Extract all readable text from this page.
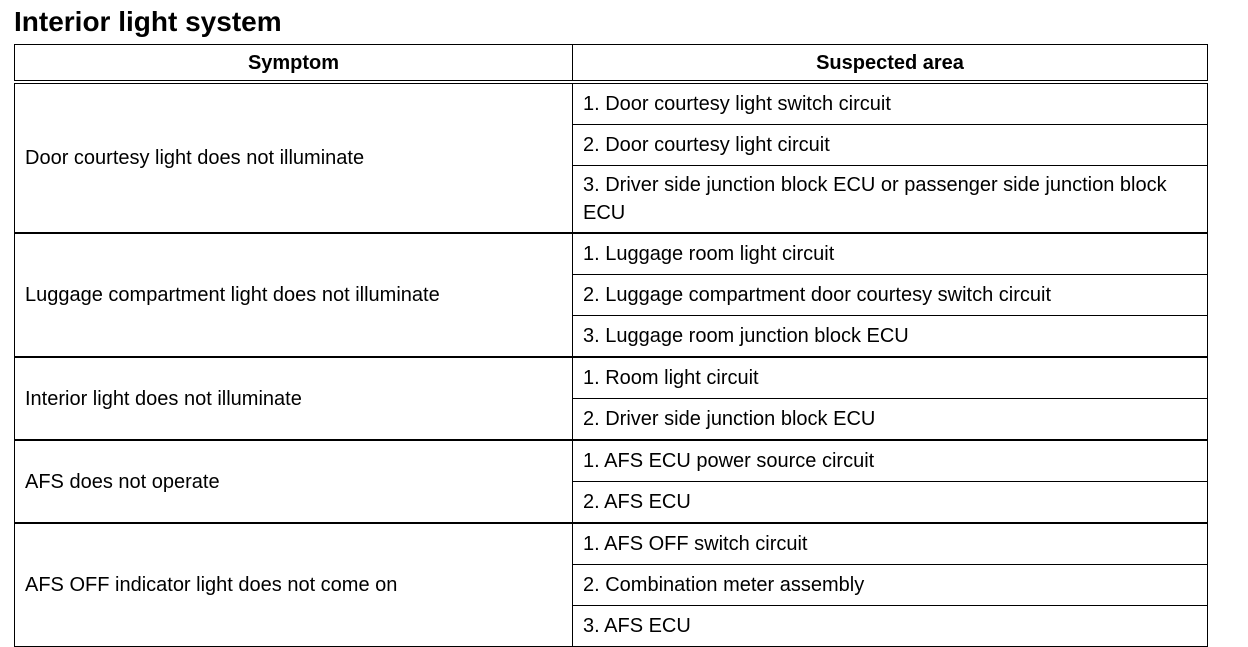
Interior light system
Symptom	Suspected area
Door courtesy light does not illuminate	1. Door courtesy light switch circuit
	2. Door courtesy light circuit
	3. Driver side junction block ECU or passenger side junction block ECU
Luggage compartment light does not illuminate	1. Luggage room light circuit
	2. Luggage compartment door courtesy switch circuit
	3. Luggage room junction block ECU
Interior light does not illuminate	1. Room light circuit
	2. Driver side junction block ECU
AFS does not operate	1. AFS ECU power source circuit
	2. AFS ECU
AFS OFF indicator light does not come on	1. AFS OFF switch circuit
	2. Combination meter assembly
	3. AFS ECU
